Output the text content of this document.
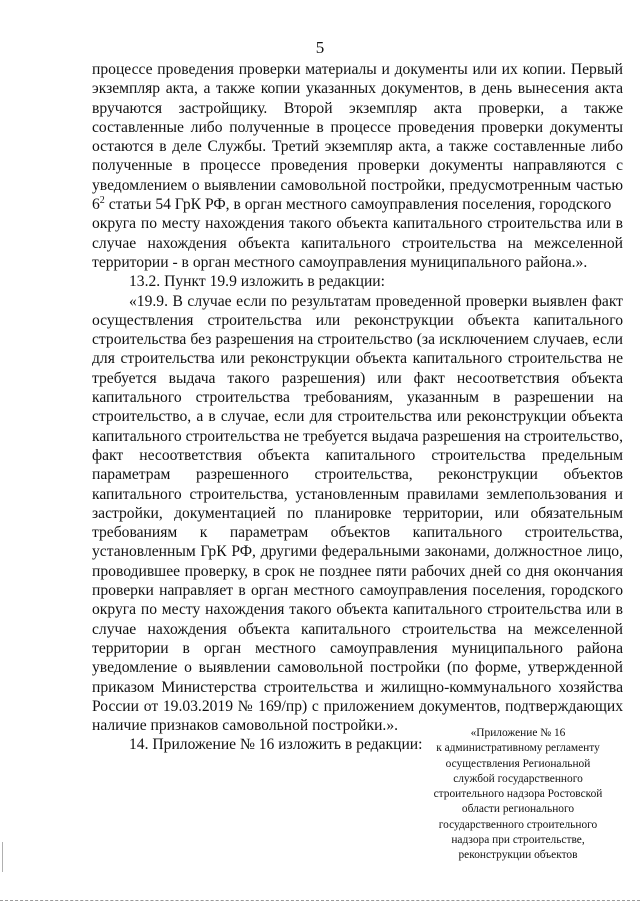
5
процессе проведения проверки материалы и документы или их копии. Первый
экземпляр акта, а также копии указанных документов, в день вынесения акта
вручаются застройщику. Второй экземпляр акта проверки, а также
составленные либо полученные в процессе проведения проверки документы
остаются в деле Службы. Третий экземпляр акта, а также составленные либо
полученные в процессе проведения проверки документы направляются с
уведомлением о выявлении самовольной постройки, предусмотренным частью
$6^2$ статьи 54 ГрК РФ, в орган местного самоуправления поселения, городского
округа по месту нахождения такого объекта капитального строительства или в
случае нахождения объекта капитального строительства на межселенной
территории - в орган местного самоуправления муниципального района.».
13.2. Пункт 19.9 изложить в редакции:
«19.9. В случае если по результатам проведенной проверки выявлен факт
осуществления строительства или реконструкции объекта капитального
строительства без разрешения на строительство (за исключением случаев, если
для строительства или реконструкции объекта капитального строительства не
требуется выдача такого разрешения) или факт несоответствия объекта
капитального строительства требованиям, указанным в разрешении на
строительство, а в случае, если для строительства или реконструкции объекта
капитального строительства не требуется выдача разрешения на строительство,
факт несоответствия объекта капитального строительства предельным
параметрам разрешенного строительства, реконструкции объектов
капитального строительства, установленным правилами землепользования и
застройки, документацией по планировке территории, или обязательным
требованиям к параметрам объектов капитального строительства,
установленным ГрК РФ, другими федеральными законами, должностное лицо,
проводившее проверку, в срок не позднее пяти рабочих дней со дня окончания
проверки направляет в орган местного самоуправления поселения, городского
округа по месту нахождения такого объекта капитального строительства или в
случае нахождения объекта капитального строительства на межселенной
территории в орган местного самоуправления муниципального района
уведомление о выявлении самовольной постройки (по форме, утвержденной
приказом Министерства строительства и жилищно-коммунального хозяйства
России от 19.03.2019 № 169/пр) с приложением документов, подтверждающих
наличие признаков самовольной постройки.».
14. Приложение № 16 изложить в редакции:
«Приложение № 16
к административному регламенту
осуществления Региональной
службой государственного
строительного надзора Ростовской
области регионального
государственного строительного
надзора при строительстве,
реконструкции объектов
